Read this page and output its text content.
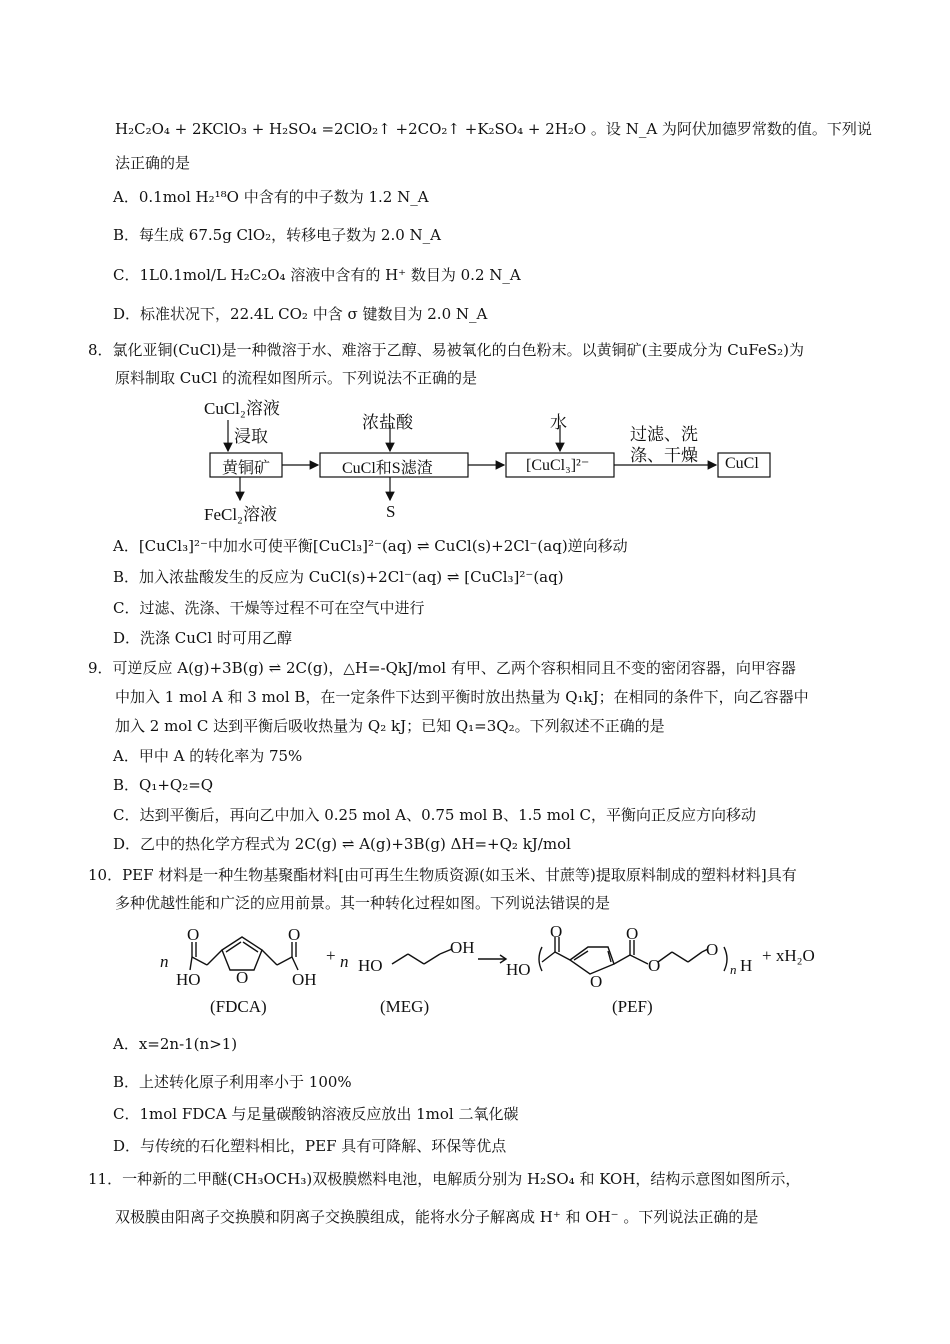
H₂C₂O₄ + 2KClO₃ + H₂SO₄ =2ClO₂↑ +2CO₂↑ +K₂SO₄ + 2H₂O 。设 N_A 为阿伏加德罗常数的值。下列说
法正确的是
A．0.1mol H₂¹⁸O 中含有的中子数为 1.2 N_A
B．每生成 67.5g ClO₂，转移电子数为 2.0 N_A
C．1L0.1mol/L H₂C₂O₄ 溶液中含有的 H⁺ 数目为 0.2 N_A
D．标准状况下，22.4L CO₂ 中含 σ 键数目为 2.0 N_A
8．氯化亚铜(CuCl)是一种微溶于水、难溶于乙醇、易被氧化的白色粉末。以黄铜矿(主要成分为 CuFeS₂)为
原料制取 CuCl 的流程如图所示。下列说法不正确的是
CuCl₂溶液
浸取
黄铜矿
FeCl₂溶液
浓盐酸
CuCl和S滤渣
S
水
[CuCl₃]²⁻
过滤、洗
涤、干燥 CuCl
A．[CuCl₃]²⁻中加水可使平衡[CuCl₃]²⁻(aq) ⇌ CuCl(s)+2Cl⁻(aq)逆向移动
B．加入浓盐酸发生的反应为 CuCl(s)+2Cl⁻(aq) ⇌ [CuCl₃]²⁻(aq)
C．过滤、洗涤、干燥等过程不可在空气中进行
D．洗涤 CuCl 时可用乙醇
9．可逆反应 A(g)+3B(g) ⇌ 2C(g)，△H=-QkJ/mol 有甲、乙两个容积相同且不变的密闭容器，向甲容器
中加入 1 mol A 和 3 mol B，在一定条件下达到平衡时放出热量为 Q₁kJ；在相同的条件下，向乙容器中
加入 2 mol C 达到平衡后吸收热量为 Q₂ kJ；已知 Q₁=3Q₂。下列叙述不正确的是
A．甲中 A 的转化率为 75%
B．Q₁+Q₂=Q
C．达到平衡后，再向乙中加入 0.25 mol A、0.75 mol B、1.5 mol C，平衡向正反应方向移动
D．乙中的热化学方程式为 2C(g) ⇌ A(g)+3B(g) ΔH=+Q₂ kJ/mol
10．PEF 材料是一种生物基聚酯材料[由可再生生物质资源(如玉米、甘蔗等)提取原料制成的塑料材料]具有
多种优越性能和广泛的应用前景。其一种转化过程如图。下列说法错误的是
n
O
HO O
O
OH
+ n HO
OH
HO
O
O
O
O
O
n H
+ xH₂O
(FDCA)	(MEG)	(PEF)
A．x=2n-1(n>1)
B．上述转化原子利用率小于 100%
C．1mol FDCA 与足量碳酸钠溶液反应放出 1mol 二氧化碳
D．与传统的石化塑料相比，PEF 具有可降解、环保等优点
11．一种新的二甲醚(CH₃OCH₃)双极膜燃料电池，电解质分别为 H₂SO₄ 和 KOH，结构示意图如图所示，
双极膜由阳离子交换膜和阴离子交换膜组成，能将水分子解离成 H⁺ 和 OH⁻ 。下列说法正确的是
